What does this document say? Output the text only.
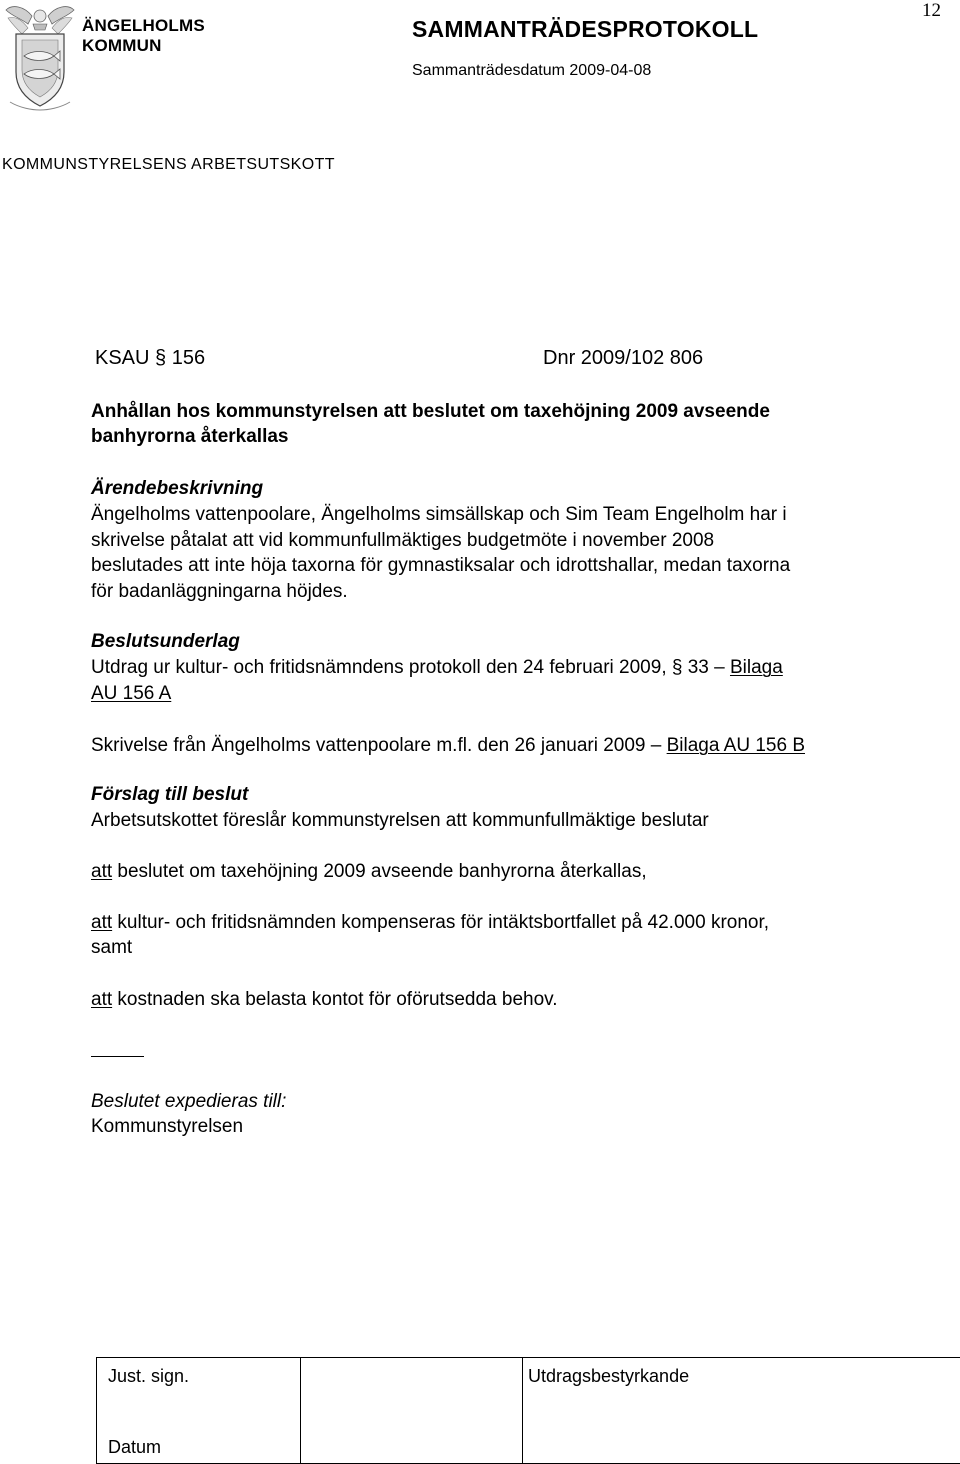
ÄNGELHOLMS
KOMMUN
SAMMANTRÄDESPROTOKOLL
Sammanträdesdatum 2009-04-08
12
KOMMUNSTYRELSENS ARBETSUTSKOTT
KSAU § 156	Dnr 2009/102 806
Anhållan hos kommunstyrelsen att beslutet om taxehöjning 2009 avseende
banhyrorna återkallas
Ärendebeskrivning
Ängelholms vattenpoolare, Ängelholms simsällskap och Sim Team Engelholm har i
skrivelse påtalat att vid kommunfullmäktiges budgetmöte i november 2008
beslutades att inte höja taxorna för gymnastiksalar och idrottshallar, medan taxorna
för badanläggningarna höjdes.
Beslutsunderlag
Utdrag ur kultur- och fritidsnämndens protokoll den 24 februari 2009, § 33 – Bilaga
AU 156 A
Skrivelse från Ängelholms vattenpoolare m.fl. den 26 januari 2009 – Bilaga AU 156 B
Förslag till beslut
Arbetsutskottet föreslår kommunstyrelsen att kommunfullmäktige beslutar
att beslutet om taxehöjning 2009 avseende banhyrorna återkallas,
att kultur- och fritidsnämnden kompenseras för intäktsbortfallet på 42.000 kronor,
samt
att kostnaden ska belasta kontot för oförutsedda behov.
Beslutet expedieras till:
Kommunstyrelsen
Just. sign.
Datum
Utdragsbestyrkande
